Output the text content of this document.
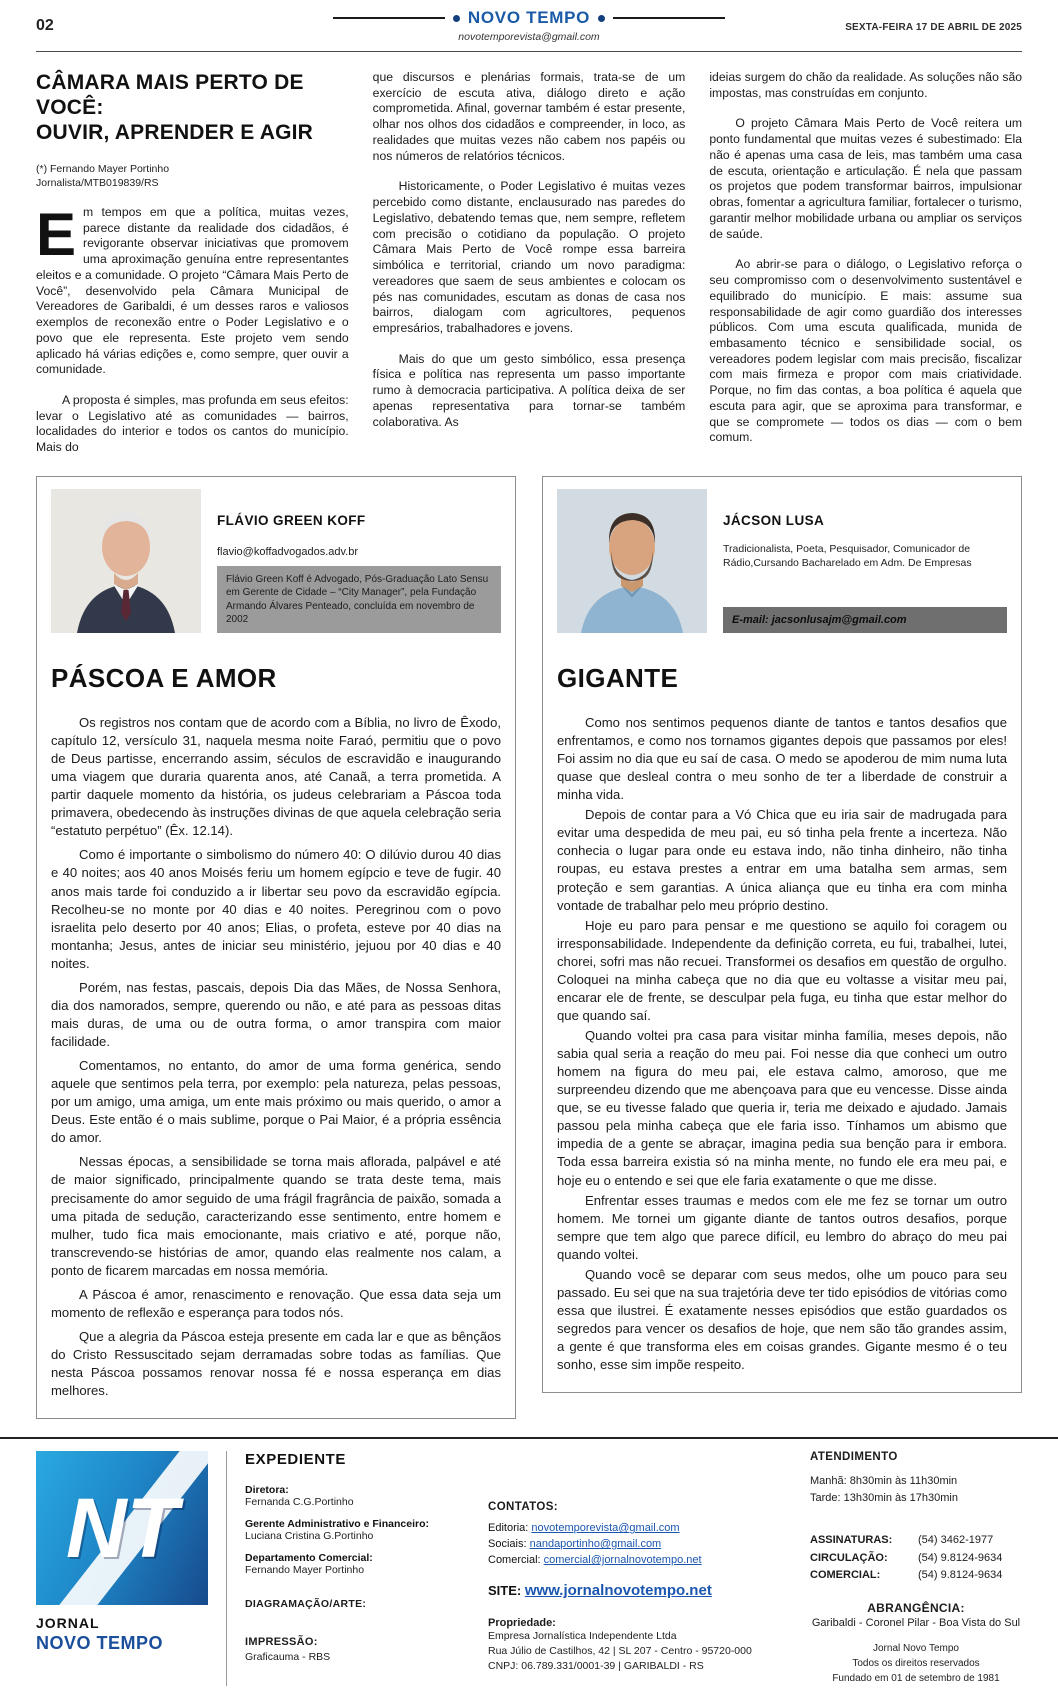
02	NOVO TEMPO
novotemporevista@gmail.com
SEXTA-FEIRA 17 DE ABRIL DE 2025
CÂMARA MAIS PERTO DE VOCÊ:
OUVIR, APRENDER E AGIR
(*) Fernando Mayer Portinho
Jornalista/MTB019839/RS

Em tempos em que a política, muitas vezes, parece distante da realidade dos cidadãos, é revigorante observar iniciativas que promovem uma aproximação genuína entre representantes eleitos e a comunidade. O projeto “Câmara Mais Perto de Você”, desenvolvido pela Câmara Municipal de Vereadores de Garibaldi, é um desses raros e valiosos exemplos de reconexão entre o Poder Legislativo e o povo que ele representa. Este projeto vem sendo aplicado há várias edições e, como sempre, quer ouvir a comunidade.

A proposta é simples, mas profunda em seus efeitos: levar o Legislativo até as comunidades — bairros, localidades do interior e todos os cantos do município. Mais do

que discursos e plenárias formais, trata-se de um exercício de escuta ativa, diálogo direto e ação comprometida. Afinal, governar também é estar presente, olhar nos olhos dos cidadãos e compreender, in loco, as realidades que muitas vezes não cabem nos papéis ou nos números de relatórios técnicos.

Historicamente, o Poder Legislativo é muitas vezes percebido como distante, enclausurado nas paredes do Legislativo, debatendo temas que, nem sempre, refletem com precisão o cotidiano da população. O projeto Câmara Mais Perto de Você rompe essa barreira simbólica e territorial, criando um novo paradigma: vereadores que saem de seus ambientes e colocam os pés nas comunidades, escutam as donas de casa nos bairros, dialogam com agricultores, pequenos empresários, trabalhadores e jovens.

Mais do que um gesto simbólico, essa presença física e política nas representa um passo importante rumo à democracia participativa. A política deixa de ser apenas representativa para tornar-se também colaborativa. As

ideias surgem do chão da realidade. As soluções não são impostas, mas construídas em conjunto.

O projeto Câmara Mais Perto de Você reitera um ponto fundamental que muitas vezes é subestimado: Ela não é apenas uma casa de leis, mas também uma casa de escuta, orientação e articulação. É nela que passam os projetos que podem transformar bairros, impulsionar obras, fomentar a agricultura familiar, fortalecer o turismo, garantir melhor mobilidade urbana ou ampliar os serviços de saúde.

Ao abrir-se para o diálogo, o Legislativo reforça o seu compromisso com o desenvolvimento sustentável e equilibrado do município. E mais: assume sua responsabilidade de agir como guardião dos interesses públicos. Com uma escuta qualificada, munida de embasamento técnico e sensibilidade social, os vereadores podem legislar com mais precisão, fiscalizar com mais firmeza e propor com mais criatividade. Porque, no fim das contas, a boa política é aquela que escuta para agir, que se aproxima para transformar, e que se compromete — todos os dias — com o bem comum.

FLÁVIO GREEN KOFF
flavio@koffadvogados.adv.br
Flávio Green Koff é Advogado, Pós-Graduação Lato Sensu em Gerente de Cidade – “City Manager”, pela Fundação Armando Álvares Penteado, concluída em novembro de 2002
PÁSCOA E AMOR

Os registros nos contam que de acordo com a Bíblia, no livro de Êxodo, capítulo 12, versículo 31, naquela mesma noite Faraó, permitiu que o povo de Deus partisse, encerrando assim, séculos de escravidão e inaugurando uma viagem que duraria quarenta anos, até Canaã, a terra prometida. A partir daquele momento da história, os judeus celebrariam a Páscoa toda primavera, obedecendo às instruções divinas de que aquela celebração seria “estatuto perpétuo” (Êx. 12.14).

Como é importante o simbolismo do número 40: O dilúvio durou 40 dias e 40 noites; aos 40 anos Moisés feriu um homem egípcio e teve de fugir. 40 anos mais tarde foi conduzido a ir libertar seu povo da escravidão egípcia. Recolheu-se no monte por 40 dias e 40 noites. Peregrinou com o povo israelita pelo deserto por 40 anos; Elias, o profeta, esteve por 40 dias na montanha; Jesus, antes de iniciar seu ministério, jejuou por 40 dias e 40 noites.

Porém, nas festas, pascais, depois Dia das Mães, de Nossa Senhora, dia dos namorados, sempre, querendo ou não, e até para as pessoas ditas mais duras, de uma ou de outra forma, o amor transpira com maior facilidade.

Comentamos, no entanto, do amor de uma forma genérica, sendo aquele que sentimos pela terra, por exemplo: pela natureza, pelas pessoas, por um amigo, uma amiga, um ente mais próximo ou mais querido, o amor a Deus. Este então é o mais sublime, porque o Pai Maior, é a própria essência do amor.

Nessas épocas, a sensibilidade se torna mais aflorada, palpável e até de maior significado, principalmente quando se trata deste tema, mais precisamente do amor seguido de uma frágil fragrância de paixão, somada a uma pitada de sedução, caracterizando esse sentimento, entre homem e mulher, tudo fica mais emocionante, mais criativo e até, porque não, transcrevendo-se histórias de amor, quando elas realmente nos calam, a ponto de ficarem marcadas em nossa memória.

A Páscoa é amor, renascimento e renovação. Que essa data seja um momento de reflexão e esperança para todos nós.

Que a alegria da Páscoa esteja presente em cada lar e que as bênçãos do Cristo Ressuscitado sejam derramadas sobre todas as famílias. Que nesta Páscoa possamos renovar nossa fé e nossa esperança em dias melhores.

JÁCSON LUSA
Tradicionalista, Poeta, Pesquisador, Comunicador de Rádio,Cursando Bacharelado em Adm. De Empresas
E-mail: jacsonlusajm@gmail.com
GIGANTE

Como nos sentimos pequenos diante de tantos e tantos desafios que enfrentamos, e como nos tornamos gigantes depois que passamos por eles! Foi assim no dia que eu saí de casa. O medo se apoderou de mim numa luta quase que desleal contra o meu sonho de ter a liberdade de construir a minha vida.

Depois de contar para a Vó Chica que eu iria sair de madrugada para evitar uma despedida de meu pai, eu só tinha pela frente a incerteza. Não conhecia o lugar para onde eu estava indo, não tinha dinheiro, não tinha roupas, eu estava prestes a entrar em uma batalha sem armas, sem proteção e sem garantias. A única aliança que eu tinha era com minha vontade de trabalhar pelo meu próprio destino.

Hoje eu paro para pensar e me questiono se aquilo foi coragem ou irresponsabilidade. Independente da definição correta, eu fui, trabalhei, lutei, chorei, sofri mas não recuei. Transformei os desafios em questão de orgulho. Coloquei na minha cabeça que no dia que eu voltasse a visitar meu pai, encarar ele de frente, se desculpar pela fuga, eu tinha que estar melhor do que quando saí.

Quando voltei pra casa para visitar minha família, meses depois, não sabia qual seria a reação do meu pai. Foi nesse dia que conheci um outro homem na figura do meu pai, ele estava calmo, amoroso, que me surpreendeu dizendo que me abençoava para que eu vencesse. Disse ainda que, se eu tivesse falado que queria ir, teria me deixado e ajudado. Jamais passou pela minha cabeça que ele faria isso. Tínhamos um abismo que impedia de a gente se abraçar, imagina pedia sua benção para ir embora. Toda essa barreira existia só na minha mente, no fundo ele era meu pai, e hoje eu o entendo e sei que ele faria exatamente o que me disse.

Enfrentar esses traumas e medos com ele me fez se tornar um outro homem. Me tornei um gigante diante de tantos outros desafios, porque sempre que tem algo que parece difícil, eu lembro do abraço do meu pai quando voltei.

Quando você se deparar com seus medos, olhe um pouco para seu passado. Eu sei que na sua trajetória deve ter tido episódios de vitórias como essa que ilustrei. É exatamente nesses episódios que estão guardados os segredos para vencer os desafios de hoje, que nem são tão grandes assim, a gente é que transforma eles em coisas grandes. Gigante mesmo é o teu sonho, esse sim impõe respeito.

NT
JORNAL
NOVO TEMPO
EXPEDIENTE
Diretora:
Fernanda C.G.Portinho
Gerente Administrativo e Financeiro:
Luciana Cristina G.Portinho
Departamento Comercial:
Fernando Mayer Portinho
DIAGRAMAÇÃO/ARTE:
IMPRESSÃO:
Graficauma - RBS
CONTATOS:
Editoria: novotemporevista@gmail.com
Sociais: nandaportinho@gmail.com
Comercial: comercial@jornalnovotempo.net
SITE: www.jornalnovotempo.net
Propriedade:
Empresa Jornalística Independente Ltda
Rua Júlio de Castilhos, 42 | SL 207 - Centro - 95720-000
CNPJ: 06.789.331/0001-39 | GARIBALDI - RS
ATENDIMENTO
Manhã: 8h30min às 11h30min
Tarde: 13h30min às 17h30min
ASSINATURAS:	(54) 3462-1977
CIRCULAÇÃO:	(54) 9.8124-9634
COMERCIAL:	(54) 9.8124-9634
ABRANGÊNCIA:
Garibaldi - Coronel Pilar - Boa Vista do Sul
Jornal Novo Tempo
Todos os direitos reservados
Fundado em 01 de setembro de 1981
